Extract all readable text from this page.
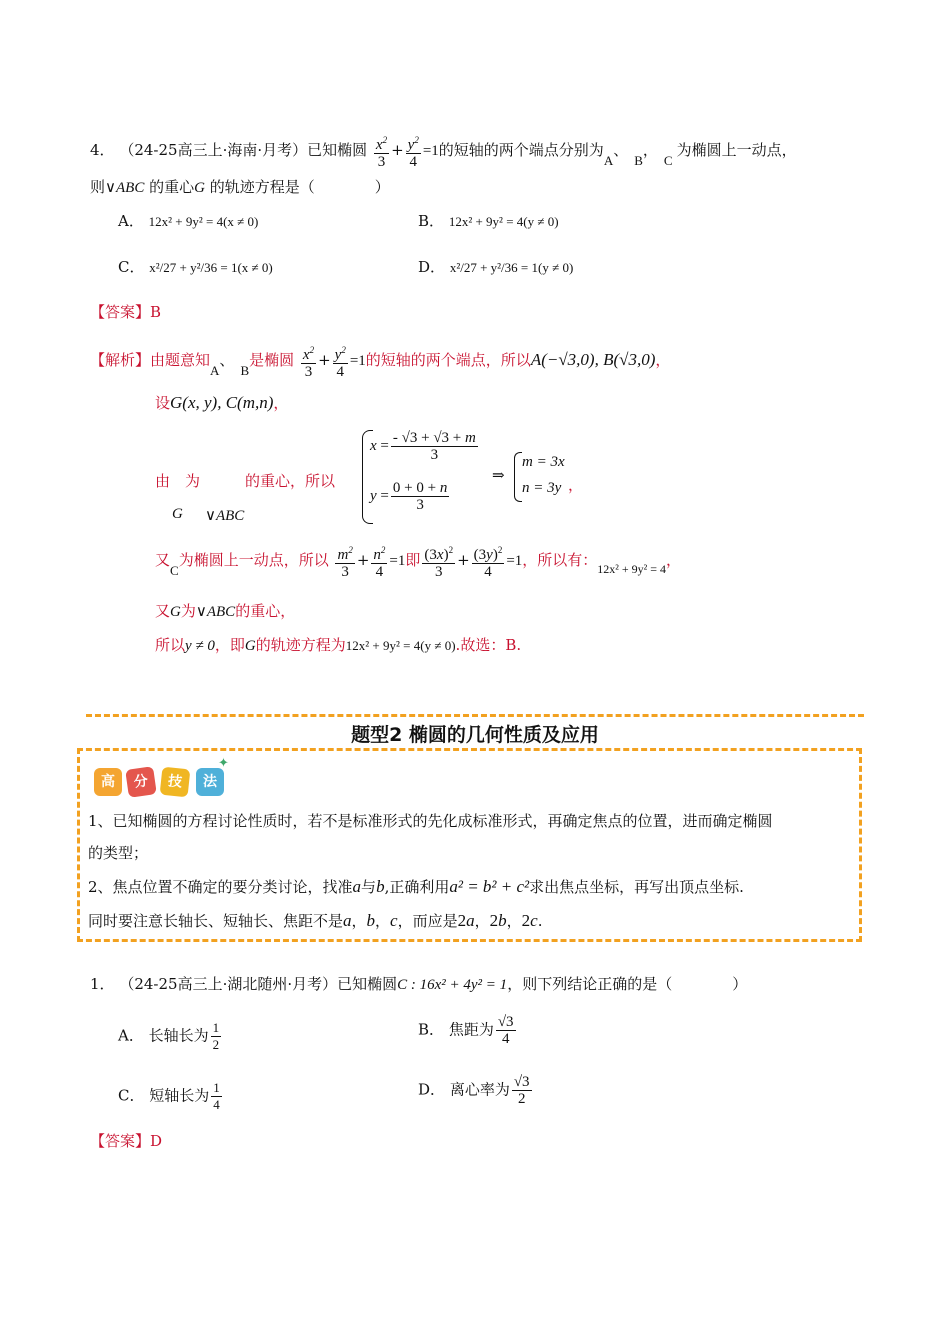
4． （24-25高三上·海南·月考）已知椭圆 $\frac{x^2}{3} + \frac{y^2}{4} =1$的短轴的两个端点分别为A、B，C为椭圆上一动点，
则∨ABC 的重心G 的轨迹方程是（　　　　）
A． 12x² + 9y² = 4(x ≠ 0)	B． 12x² + 9y² = 4(y ≠ 0)
C． x²/27 + y²/36 = 1(x ≠ 0)	D． x²/27 + y²/36 = 1(y ≠ 0)
【答案】B
【解析】由题意知A、B是椭圆 $\frac{x^2}{3} + \frac{y^2}{4} =1$的短轴的两个端点，所以A(−√3,0), B(√3,0)，
设G(x, y), C(m,n)，
由　为　　　的重心，所以
G ∨ABC
$x = \frac{- √3 + √3 + m}{3}$
$y = \frac{0 + 0 + n}{3}$
⇒
m = 3x
n = 3y ，
又C为椭圆上一动点，所以 $\frac{m^2}{3} + \frac{n^2}{4} =1$即 $\frac{(3x)^2}{3} + \frac{(3y)^2}{4} =1$，所以有：$_{12x^2 + 9y^2 = 4}$，
又G为∨ABC的重心，
所以y ≠ 0，即G的轨迹方程为12x² + 9y² = 4(y ≠ 0).故选：B.
题型2 椭圆的几何性质及应用
高	分	技	法
✦
1、已知椭圆的方程讨论性质时，若不是标准形式的先化成标准形式，再确定焦点的位置，进而确定椭圆
的类型；
2、焦点位置不确定的要分类讨论，找准a与b,正确利用a² = b² + c²求出焦点坐标，再写出顶点坐标.
同时要注意长轴长、短轴长、焦距不是a，b，c，而应是2a，2b，2c.
1． （24-25高三上·湖北随州·月考）已知椭圆C : 16x² + 4y² = 1，则下列结论正确的是（　　　　）
A． 长轴长为 $\frac{1}{2}$	B． 焦距为 $\frac{√3}{4}$
C． 短轴长为 $\frac{1}{4}$	D． 离心率为 $\frac{√3}{2}$
【答案】D
